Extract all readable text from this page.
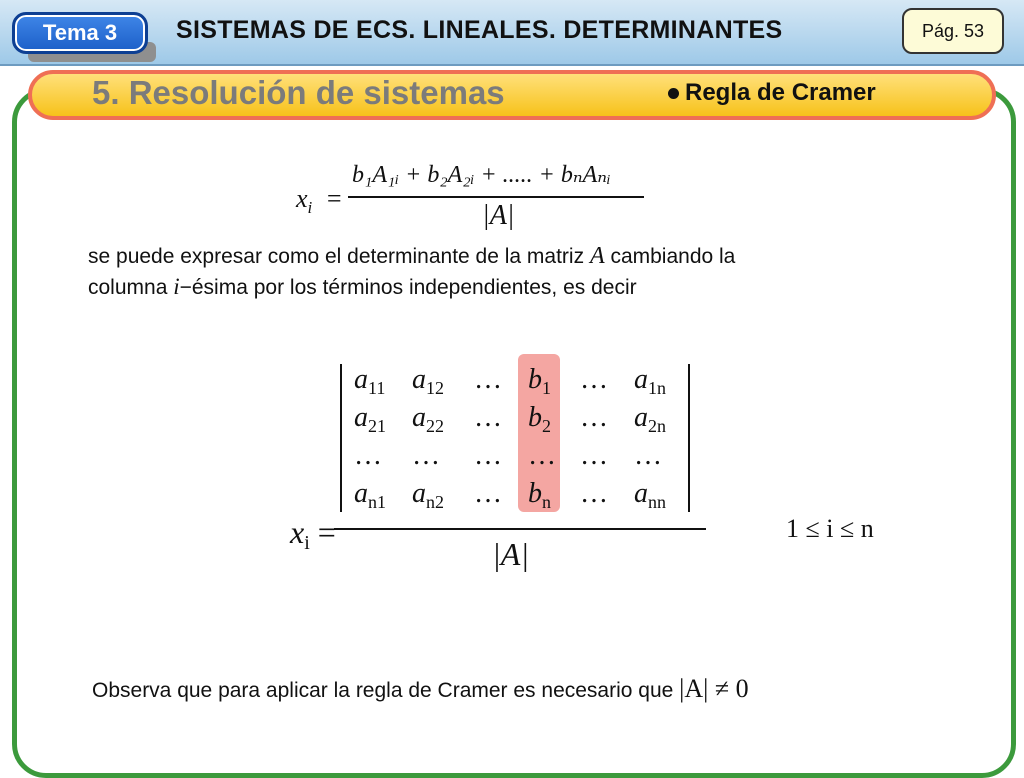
Tema 3 SISTEMAS DE ECS. LINEALES. DETERMINANTES	Pág. 53
5. Resolución de sistemas	Regla de Cramer
$x_i$  =
b₁A₁ᵢ + b₂A₂ᵢ + ..... + bₙAₙᵢ
|A|
se puede expresar como el determinante de la matriz A cambiando la
columna i−ésima por los términos independientes, es decir
$a_{11}$ $a_{12}$ … $b_1$ … $a_{1n}$
$a_{21}$ $a_{22}$ … $b_2$ … $a_{2n}$
… … … … … …
$a_{n1}$ $a_{n2}$ … $b_n$ … $a_{nn}$
$x_i$ =
|A|
1 ≤ i ≤ n
Observa que para aplicar la regla de Cramer es necesario que |A| ≠ 0
